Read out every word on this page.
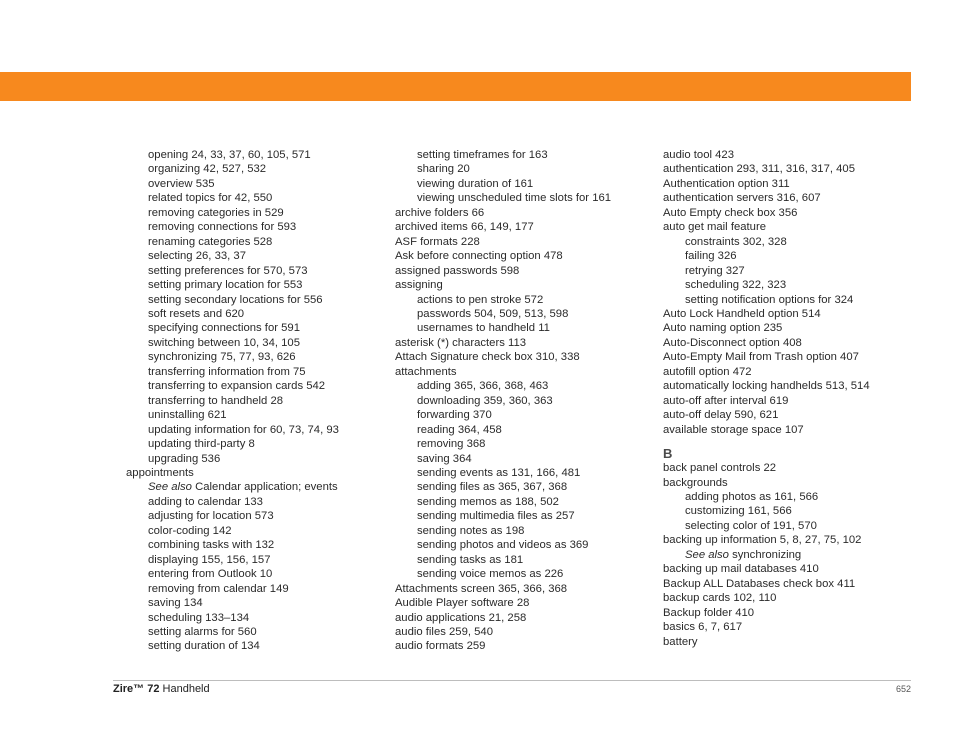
opening 24, 33, 37, 60, 105, 571
organizing 42, 527, 532
overview 535
related topics for 42, 550
removing categories in 529
removing connections for 593
renaming categories 528
selecting 26, 33, 37
setting preferences for 570, 573
setting primary location for 553
setting secondary locations for 556
soft resets and 620
specifying connections for 591
switching between 10, 34, 105
synchronizing 75, 77, 93, 626
transferring information from 75
transferring to expansion cards 542
transferring to handheld 28
uninstalling 621
updating information for 60, 73, 74, 93
updating third-party 8
upgrading 536
appointments
See also Calendar application; events
adding to calendar 133
adjusting for location 573
color-coding 142
combining tasks with 132
displaying 155, 156, 157
entering from Outlook 10
removing from calendar 149
saving 134
scheduling 133–134
setting alarms for 560
setting duration of 134
setting timeframes for 163
sharing 20
viewing duration of 161
viewing unscheduled time slots for 161
archive folders 66
archived items 66, 149, 177
ASF formats 228
Ask before connecting option 478
assigned passwords 598
assigning
actions to pen stroke 572
passwords 504, 509, 513, 598
usernames to handheld 11
asterisk (*) characters 113
Attach Signature check box 310, 338
attachments
adding 365, 366, 368, 463
downloading 359, 360, 363
forwarding 370
reading 364, 458
removing 368
saving 364
sending events as 131, 166, 481
sending files as 365, 367, 368
sending memos as 188, 502
sending multimedia files as 257
sending notes as 198
sending photos and videos as 369
sending tasks as 181
sending voice memos as 226
Attachments screen 365, 366, 368
Audible Player software 28
audio applications 21, 258
audio files 259, 540
audio formats 259
audio tool 423
authentication 293, 311, 316, 317, 405
Authentication option 311
authentication servers 316, 607
Auto Empty check box 356
auto get mail feature
constraints 302, 328
failing 326
retrying 327
scheduling 322, 323
setting notification options for 324
Auto Lock Handheld option 514
Auto naming option 235
Auto-Disconnect option 408
Auto-Empty Mail from Trash option 407
autofill option 472
automatically locking handhelds 513, 514
auto-off after interval 619
auto-off delay 590, 621
available storage space 107
B
back panel controls 22
backgrounds
adding photos as 161, 566
customizing 161, 566
selecting color of 191, 570
backing up information 5, 8, 27, 75, 102
See also synchronizing
backing up mail databases 410
Backup ALL Databases check box 411
backup cards 102, 110
Backup folder 410
basics 6, 7, 617
battery
Zire™ 72 Handheld	652
